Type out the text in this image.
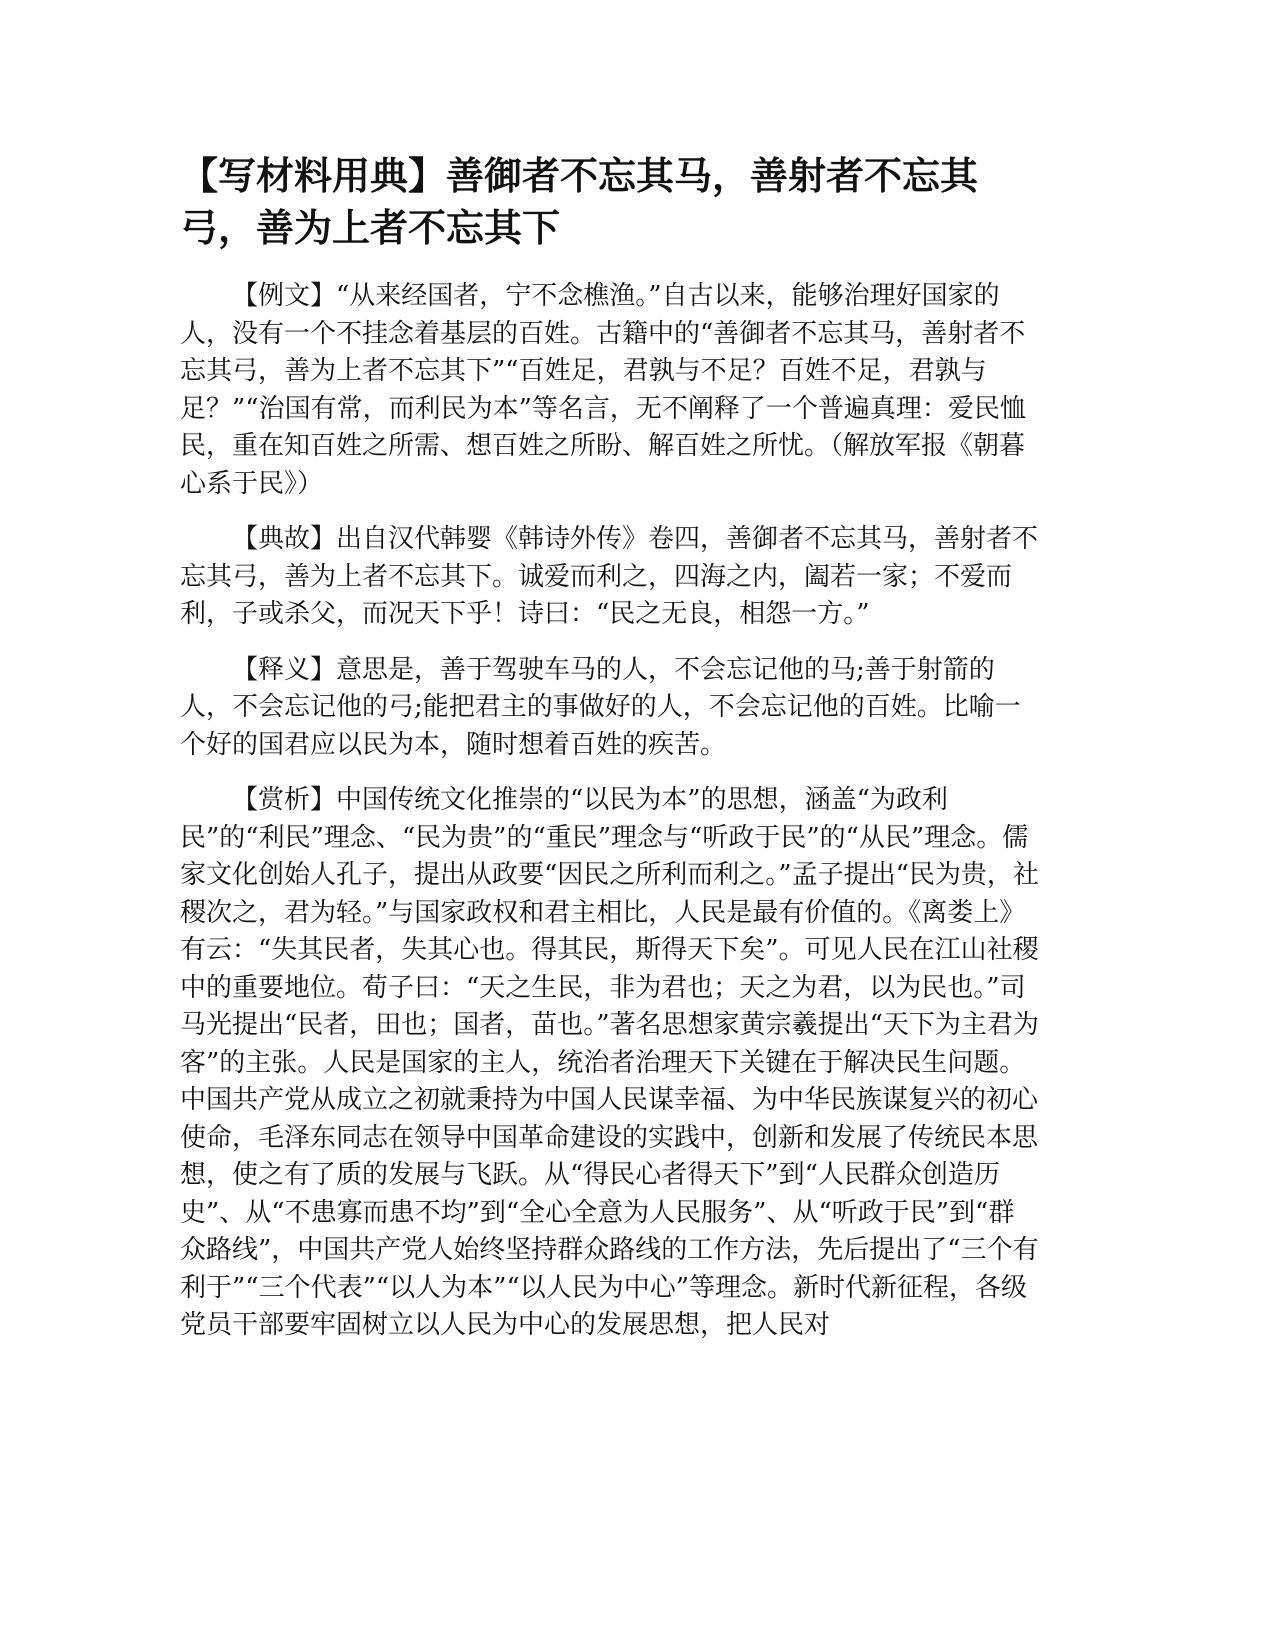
【写材料用典】善御者不忘其马，善射者不忘其弓，善为上者不忘其下

【例文】“从来经国者，宁不念樵渔。”自古以来，能够治理好国家的人，没有一个不挂念着基层的百姓。古籍中的“善御者不忘其马，善射者不忘其弓，善为上者不忘其下”“百姓足，君孰与不足？百姓不足，君孰与足？”“治国有常，而利民为本”等名言，无不阐释了一个普遍真理：爱民恤民，重在知百姓之所需、想百姓之所盼、解百姓之所忧。（解放军报《朝暮心系于民》）

【典故】出自汉代韩婴《韩诗外传》卷四，善御者不忘其马，善射者不忘其弓，善为上者不忘其下。诚爱而利之，四海之内，阖若一家；不爱而利，子或杀父，而况天下乎！诗曰：“民之无良，相怨一方。”

【释义】意思是，善于驾驶车马的人，不会忘记他的马;善于射箭的人，不会忘记他的弓;能把君主的事做好的人，不会忘记他的百姓。比喻一个好的国君应以民为本，随时想着百姓的疾苦。

【赏析】中国传统文化推崇的“以民为本”的思想，涵盖“为政利民”的“利民”理念、“民为贵”的“重民”理念与“听政于民”的“从民”理念。儒家文化创始人孔子，提出从政要“因民之所利而利之。”孟子提出“民为贵，社稷次之，君为轻。”与国家政权和君主相比，人民是最有价值的。《离娄上》有云：“失其民者，失其心也。得其民，斯得天下矣”。可见人民在江山社稷中的重要地位。荀子曰：“天之生民，非为君也；天之为君，以为民也。”司马光提出“民者，田也；国者，苗也。”著名思想家黄宗羲提出“天下为主君为客”的主张。人民是国家的主人，统治者治理天下关键在于解决民生问题。中国共产党从成立之初就秉持为中国人民谋幸福、为中华民族谋复兴的初心使命，毛泽东同志在领导中国革命建设的实践中，创新和发展了传统民本思想，使之有了质的发展与飞跃。从“得民心者得天下”到“人民群众创造历史”、从“不患寡而患不均”到“全心全意为人民服务”、从“听政于民”到“群众路线”，中国共产党人始终坚持群众路线的工作方法，先后提出了“三个有利于”“三个代表”“以人为本”“以人民为中心”等理念。新时代新征程，各级党员干部要牢固树立以人民为中心的发展思想，把人民对
